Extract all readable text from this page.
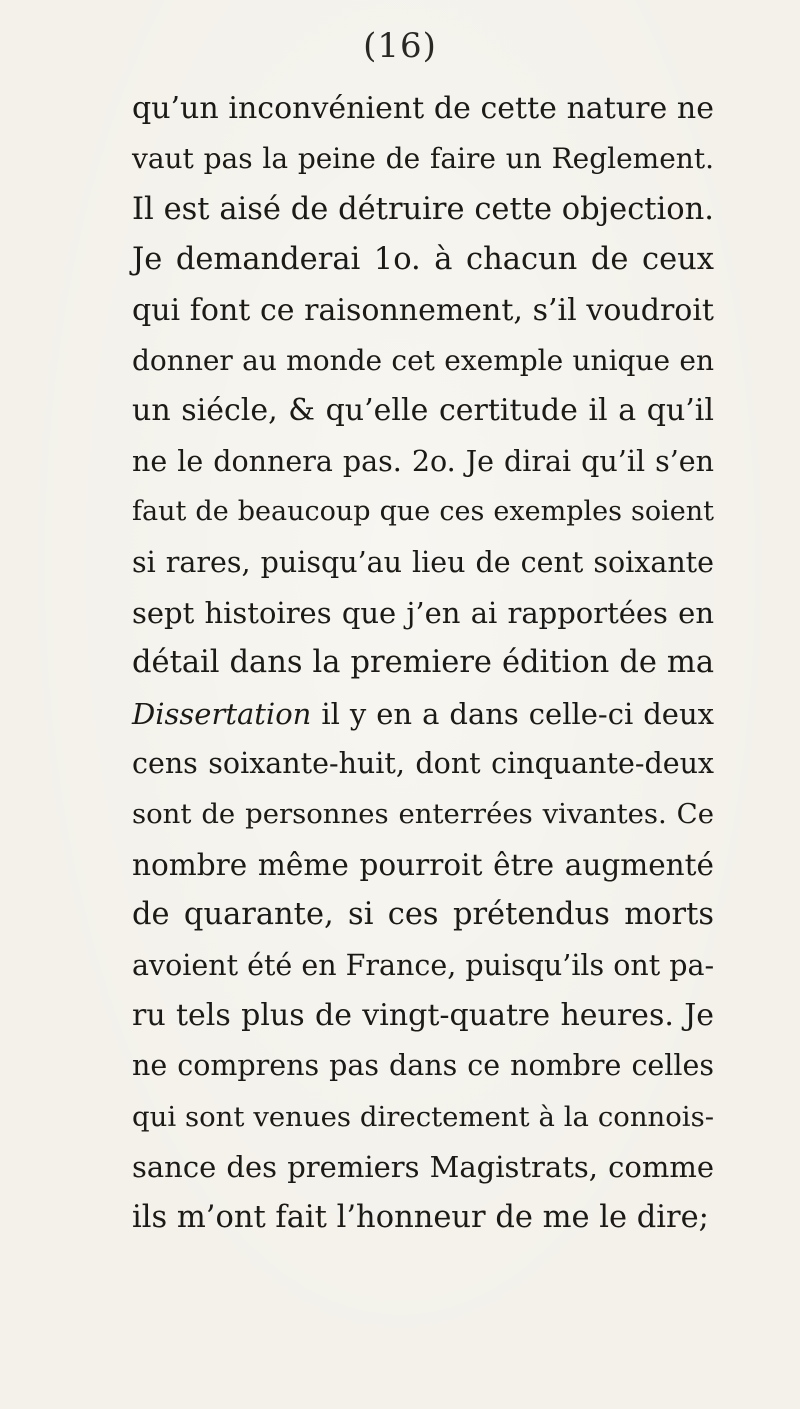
(16)
qu’un inconvénient de cette nature ne
vaut pas la peine de faire un Reglement.
Il est aisé de détruire cette objection.
Je demanderai 1o. à chacun de ceux
qui font ce raisonnement, s’il voudroit
donner au monde cet exemple unique en
un siécle, & qu’elle certitude il a qu’il
ne le donnera pas. 2o. Je dirai qu’il s’en
faut de beaucoup que ces exemples soient
si rares, puisqu’au lieu de cent soixante
sept histoires que j’en ai rapportées en
détail dans la premiere édition de ma
Dissertation il y en a dans celle-ci deux
cens soixante-huit, dont cinquante-deux
sont de personnes enterrées vivantes. Ce
nombre même pourroit être augmenté
de quarante, si ces prétendus morts
avoient été en France, puisqu’ils ont pa-
ru tels plus de vingt-quatre heures. Je
ne comprens pas dans ce nombre celles
qui sont venues directement à la connois-
sance des premiers Magistrats, comme
ils m’ont fait l’honneur de me le dire;
